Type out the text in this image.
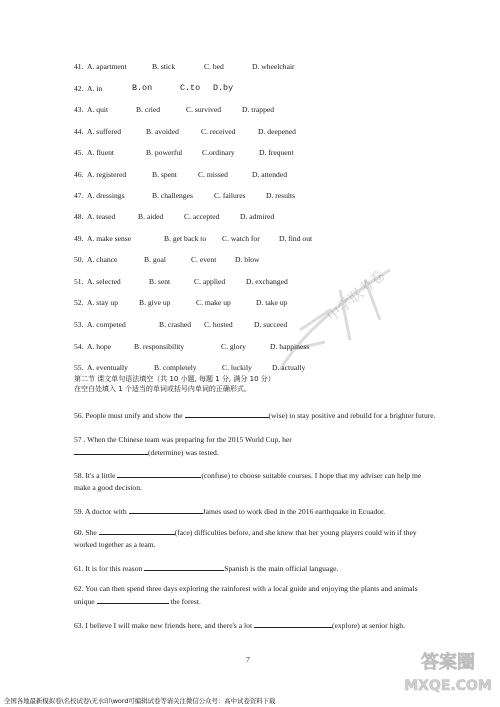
41. A. apartment	B. stick	C. bed	D. wheelchair
42. A. in	B.on	C.to D.by
43. A. quit	B. cried	C. survived	D. trapped
44. A. suffered	B. avoided	C. received	D. deepened
45. A. fluent	B. powerful	C.ordinary	D. frequent
46. A. registered	B. spent	C. missed	D. attended
47. A. dressings	B. challenges	C. failures	D. results
48. A. teased	B. aided	C. accepted	D. admired
49. A. make sense	B. get back to C. watch for	D. find out
50. A. chance	B. goal	C. event D. blow
51. A. selected	B. sent	C. applied	D. exchanged
52. A. stay up	B. give up	C. make up	D. take up
53. A. competed	B. crashed C. hosted	D. succeed
54. A. hope	B. responsibility	C. glory	D. happiness
55. A. eventually	B. completely	C. luckily	D. actually
第二节 课文单句语法填空（共 10 小题, 每题 1 分, 满分 10 分）
在空白处填入 1 个适当的单词或括号内单词的正确形式。
56. People must unify and show the	(wise) to stay positive and rebuild for a brighter future.
57 . When the Chinese team was preparing for the 2015 World Cup, her
(determine) was tested.
58. It's a little	(confuse) to choose suitable courses. I hope that my adviser can help me make a good decision.
59. A doctor with	James used to work died in the 2016 earthquake in Ecuador.
60. She	(face) difficulties before, and she knew that her young players could win if they worked together as a team.
61. It is for this reason	Spanish is the main official language.
62. You can then spend three days exploring the rainforest with a local guide and enjoying the plants and animals unique	the forest.
63. I believe I will make new friends here, and there's a lot	(explore) at senior high.
7
中学联考卷
答案圈
MXQE.COM
全国各地最新模拟卷\名校试卷\无水印\word可编辑试卷等请关注微信公众号：高中试卷资料下载
